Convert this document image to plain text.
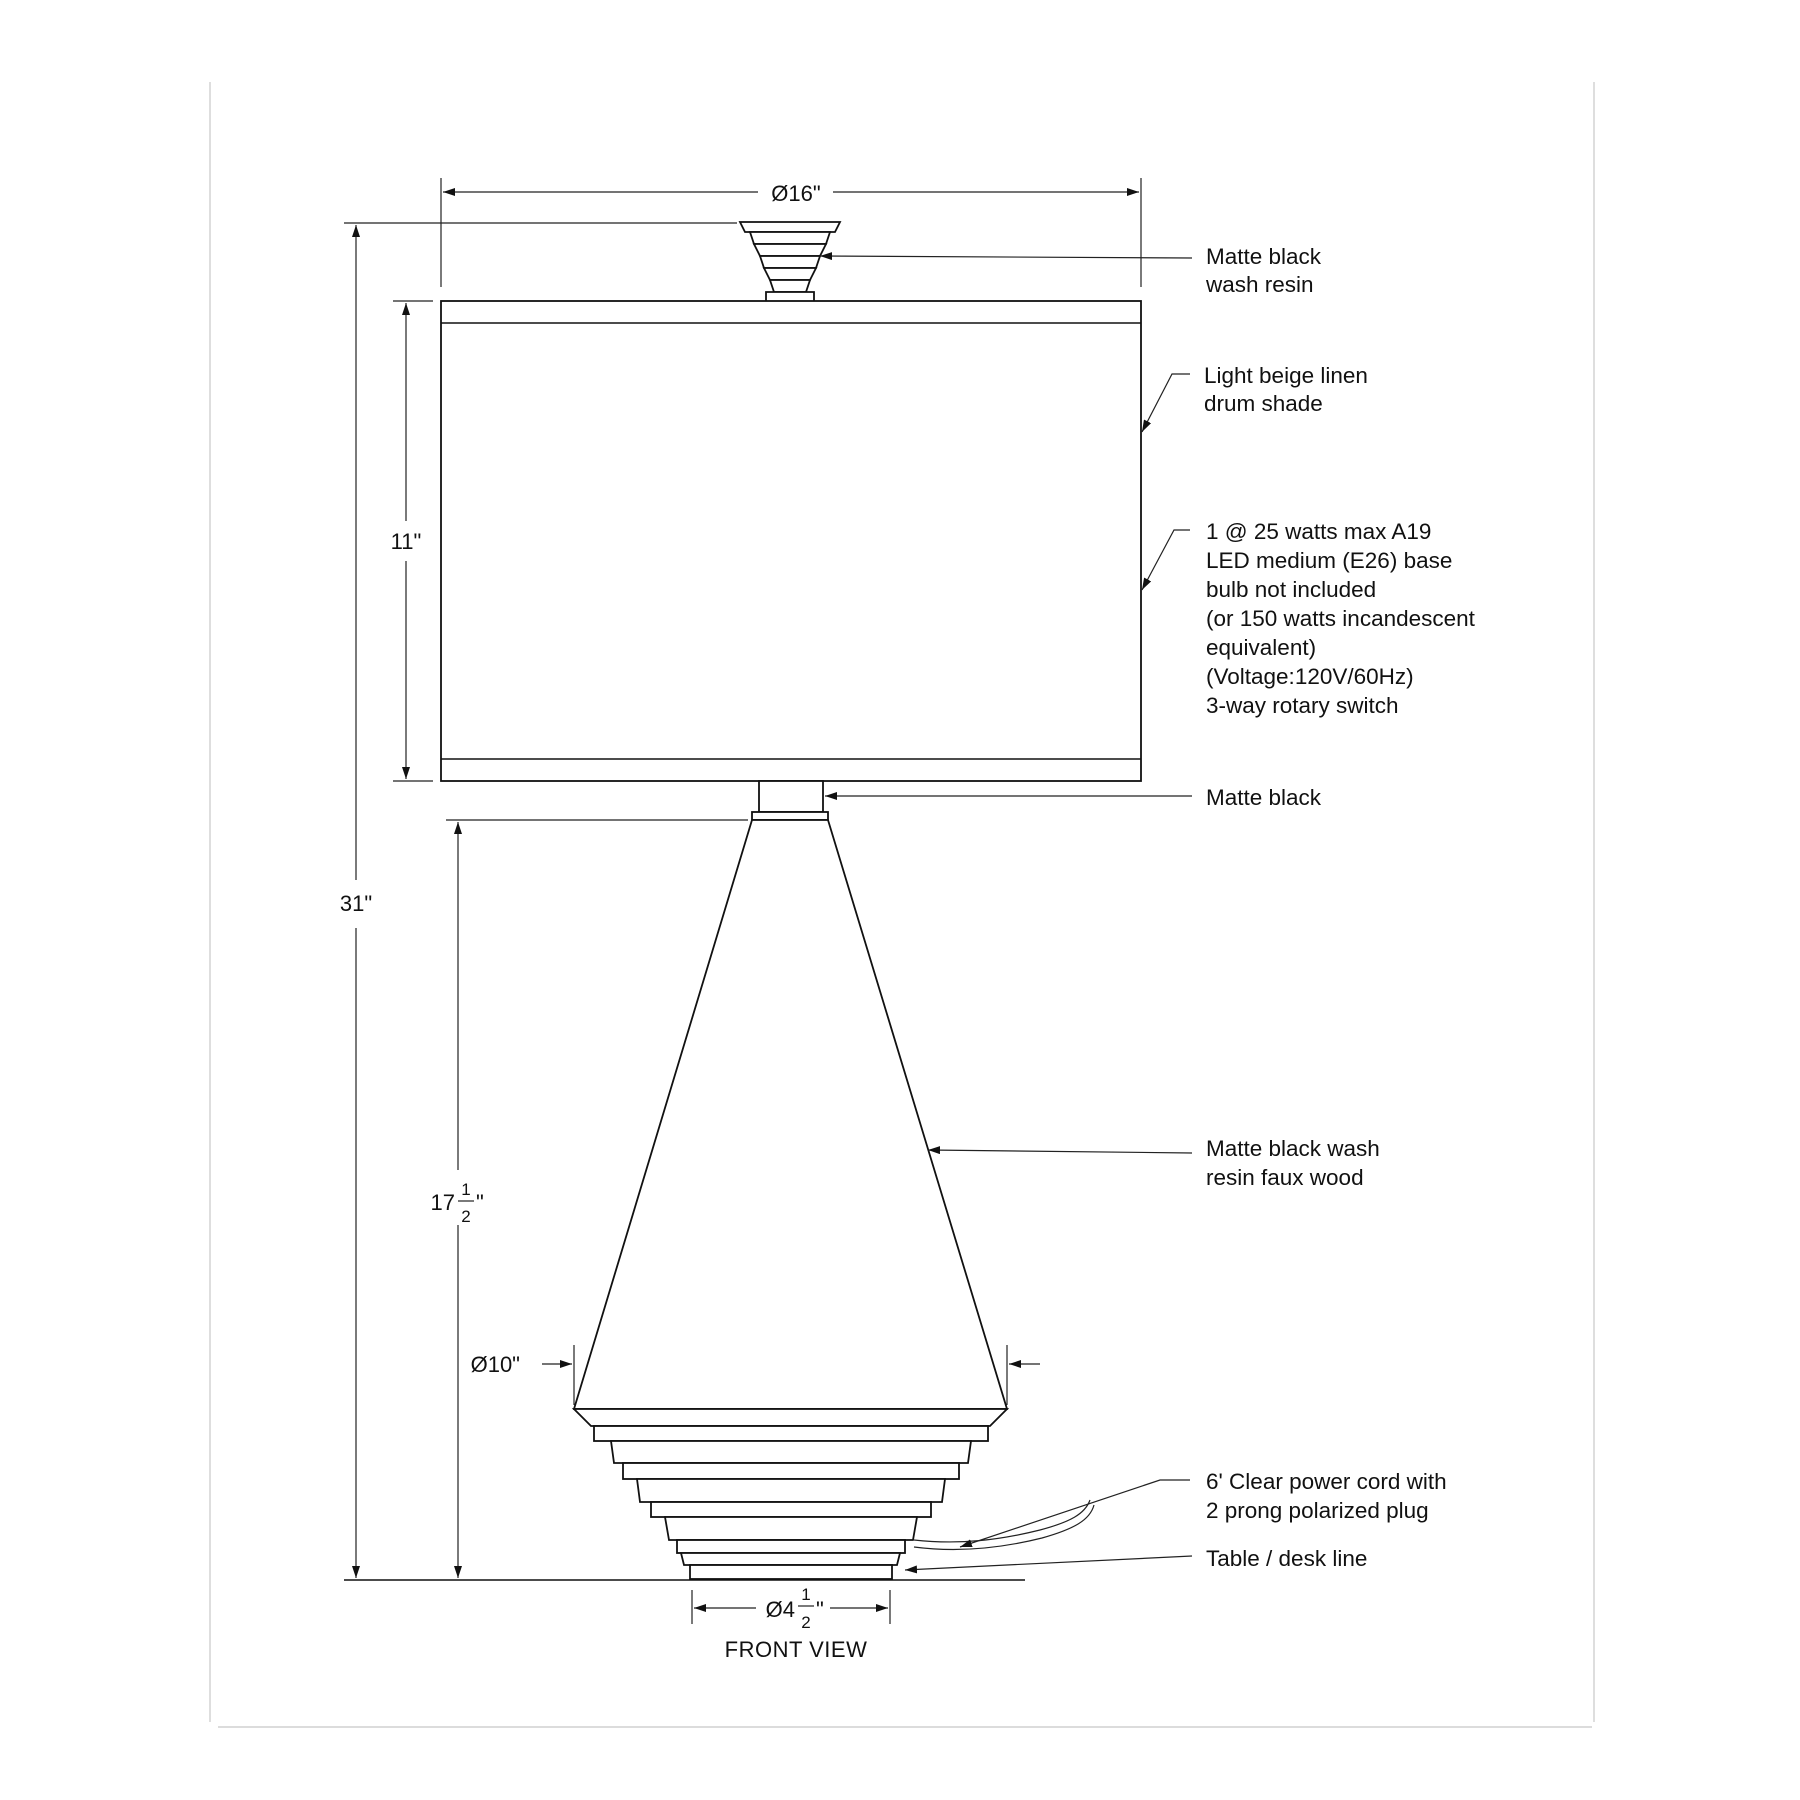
Ø16"
31"
11"
17
1
2
"
Ø10"
Ø4
1
2
"
Matte black
wash resin
Light beige linen
drum shade
1 @ 25 watts max A19
LED medium (E26) base
bulb not included
(or 150 watts incandescent
equivalent)
(Voltage:120V/60Hz)
3-way rotary switch
Matte black
Matte black wash
resin faux wood
6' Clear power cord with
2 prong polarized plug
Table / desk line
FRONT VIEW
